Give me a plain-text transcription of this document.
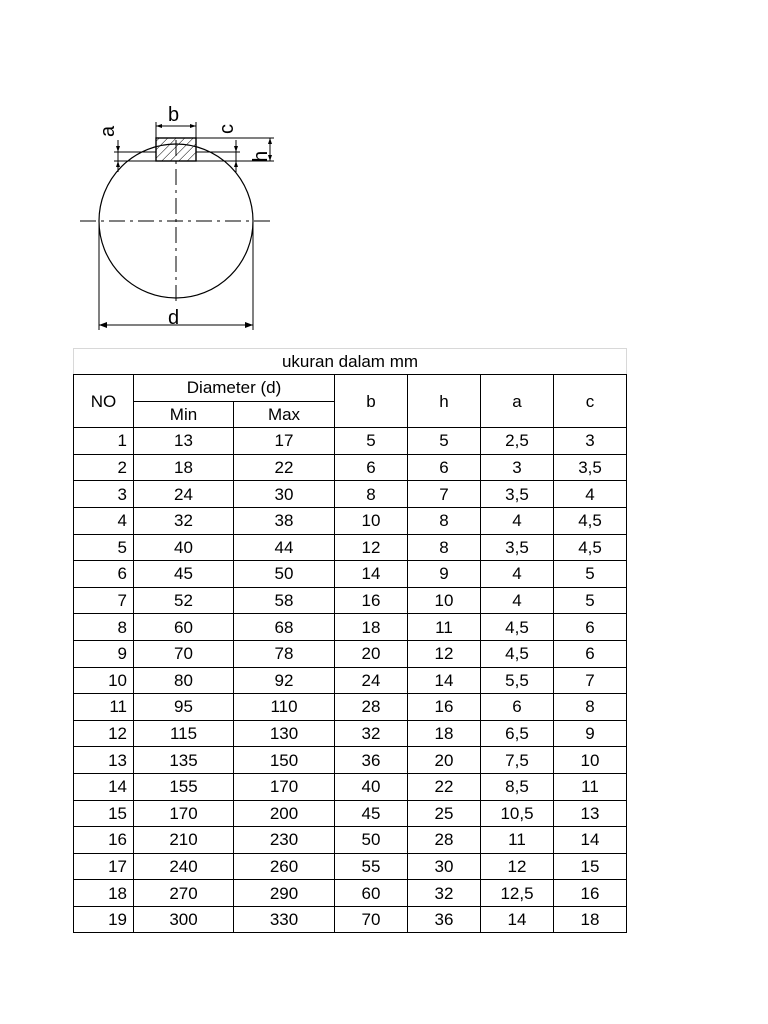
b
a	c
h
d
ukuran dalam mm						
NO	Diameter (d)		b	h	a	c
	Min	Max				
1	13	17	5	5	2,5	3
2	18	22	6	6	3	3,5
3	24	30	8	7	3,5	4
4	32	38	10	8	4	4,5
5	40	44	12	8	3,5	4,5
6	45	50	14	9	4	5
7	52	58	16	10	4	5
8	60	68	18	11	4,5	6
9	70	78	20	12	4,5	6
10	80	92	24	14	5,5	7
11	95	110	28	16	6	8
12	115	130	32	18	6,5	9
13	135	150	36	20	7,5	10
14	155	170	40	22	8,5	11
15	170	200	45	25	10,5	13
16	210	230	50	28	11	14
17	240	260	55	30	12	15
18	270	290	60	32	12,5	16
19	300	330	70	36	14	18
